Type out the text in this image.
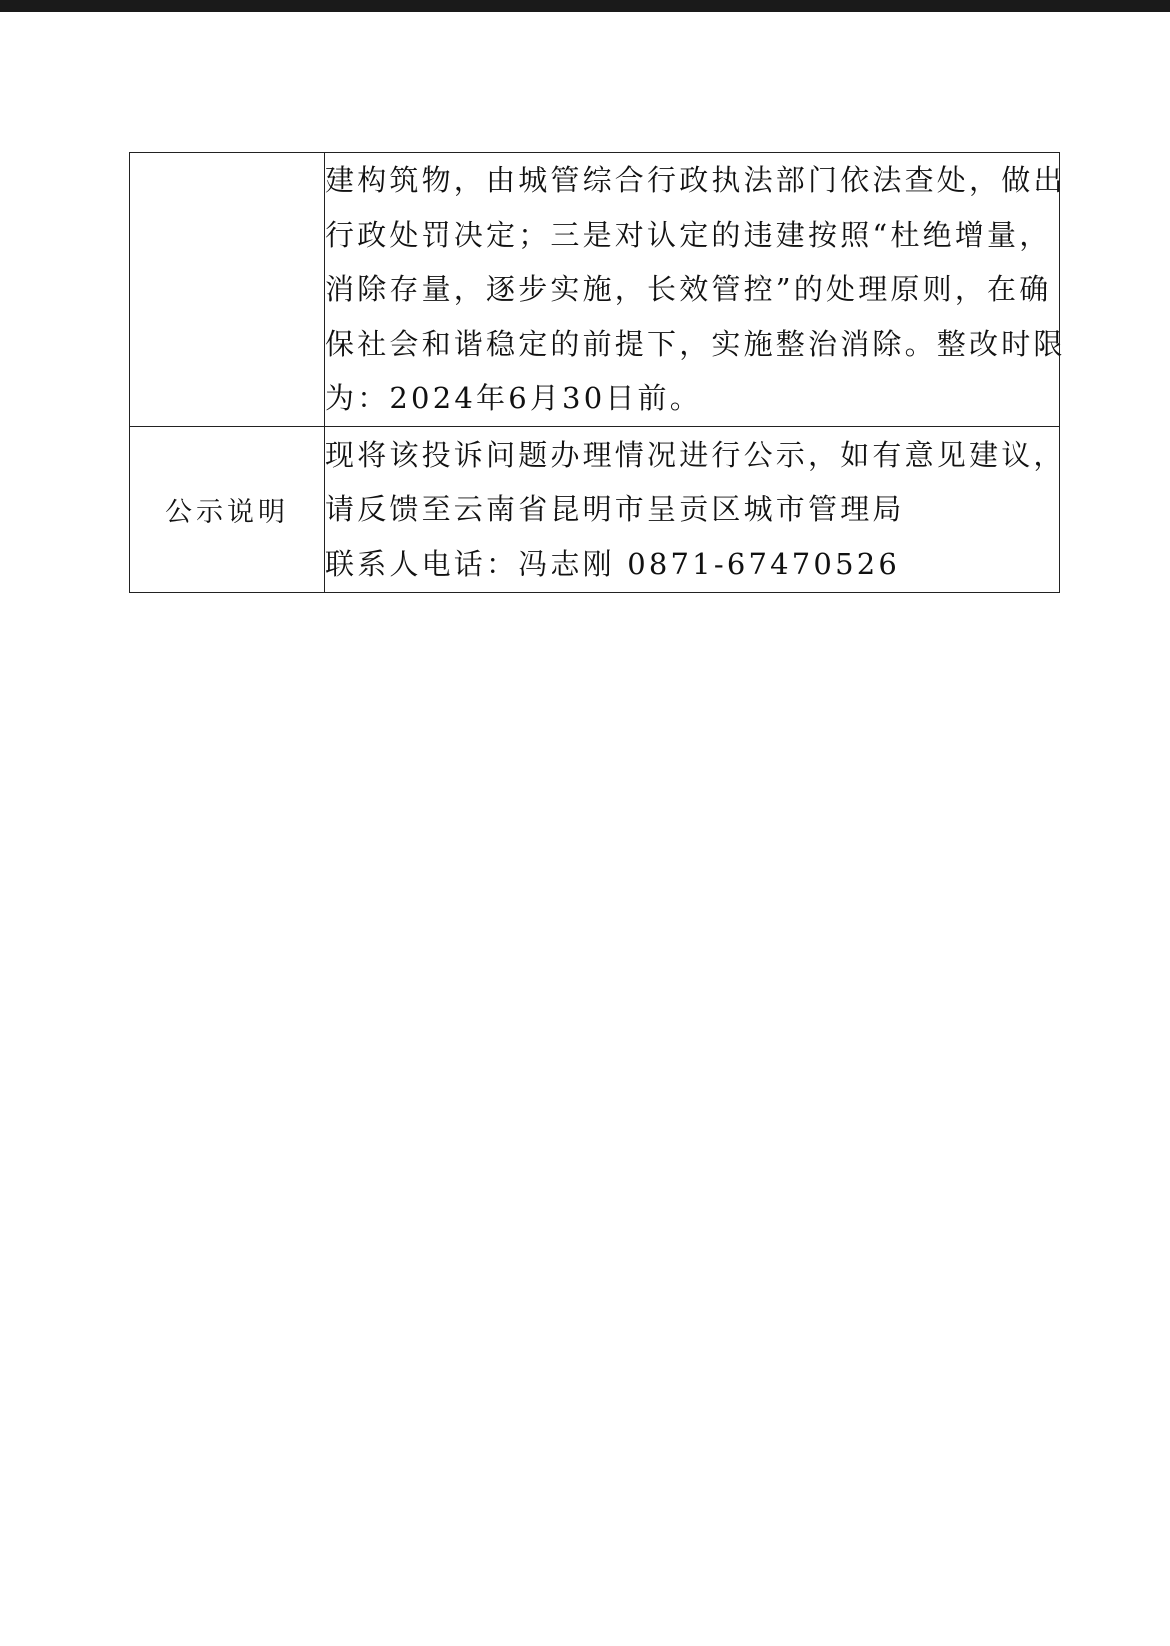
	建构筑物，由城管综合行政执法部门依法查处，做出
行政处罚决定；三是对认定的违建按照“杜绝增量，
消除存量，逐步实施，长效管控”的处理原则，在确
保社会和谐稳定的前提下，实施整治消除。整改时限
为：2024年6月30日前。

公示说明	现将该投诉问题办理情况进行公示，如有意见建议，
请反馈至云南省昆明市呈贡区城市管理局
联系人电话：冯志刚 0871-67470526
